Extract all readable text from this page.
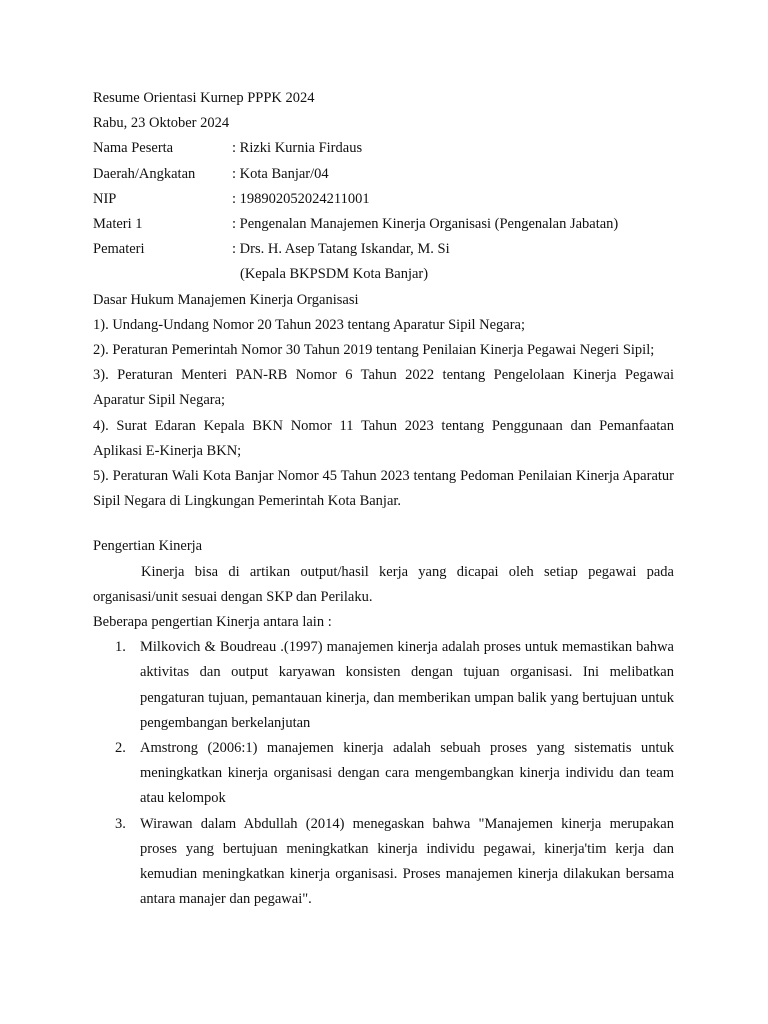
Resume Orientasi Kurnep PPPK 2024
Rabu, 23 Oktober 2024
Nama Peserta	: Rizki Kurnia Firdaus
Daerah/Angkatan	: Kota Banjar/04
NIP	: 198902052024211001
Materi 1	: Pengenalan Manajemen Kinerja Organisasi (Pengenalan Jabatan)
Pemateri	: Drs. H. Asep Tatang Iskandar, M. Si
(Kepala BKPSDM Kota Banjar)
Dasar Hukum Manajemen Kinerja Organisasi
1). Undang-Undang Nomor 20 Tahun 2023 tentang Aparatur Sipil Negara;
2). Peraturan Pemerintah Nomor 30 Tahun 2019 tentang Penilaian Kinerja Pegawai Negeri Sipil;
3). Peraturan Menteri PAN-RB Nomor 6 Tahun 2022 tentang Pengelolaan Kinerja Pegawai Aparatur Sipil Negara;
4). Surat Edaran Kepala BKN Nomor 11 Tahun 2023 tentang Penggunaan dan Pemanfaatan Aplikasi E-Kinerja BKN;
5). Peraturan Wali Kota Banjar Nomor 45 Tahun 2023 tentang Pedoman Penilaian Kinerja Aparatur Sipil Negara di Lingkungan Pemerintah Kota Banjar.
Pengertian Kinerja
Kinerja bisa di artikan output/hasil kerja yang dicapai oleh setiap pegawai pada organisasi/unit sesuai dengan SKP dan Perilaku.
Beberapa pengertian Kinerja antara lain :
1. Milkovich & Boudreau .(1997) manajemen kinerja adalah proses untuk memastikan bahwa aktivitas dan output karyawan konsisten dengan tujuan organisasi. Ini melibatkan pengaturan tujuan, pemantauan kinerja, dan memberikan umpan balik yang bertujuan untuk pengembangan berkelanjutan
2. Amstrong (2006:1) manajemen kinerja adalah sebuah proses yang sistematis untuk meningkatkan kinerja organisasi dengan cara mengembangkan kinerja individu dan team atau kelompok
3. Wirawan dalam Abdullah (2014) menegaskan bahwa "Manajemen kinerja merupakan proses yang bertujuan meningkatkan kinerja individu pegawai, kinerja'tim kerja dan kemudian meningkatkan kinerja organisasi. Proses manajemen kinerja dilakukan bersama antara manajer dan pegawai".
